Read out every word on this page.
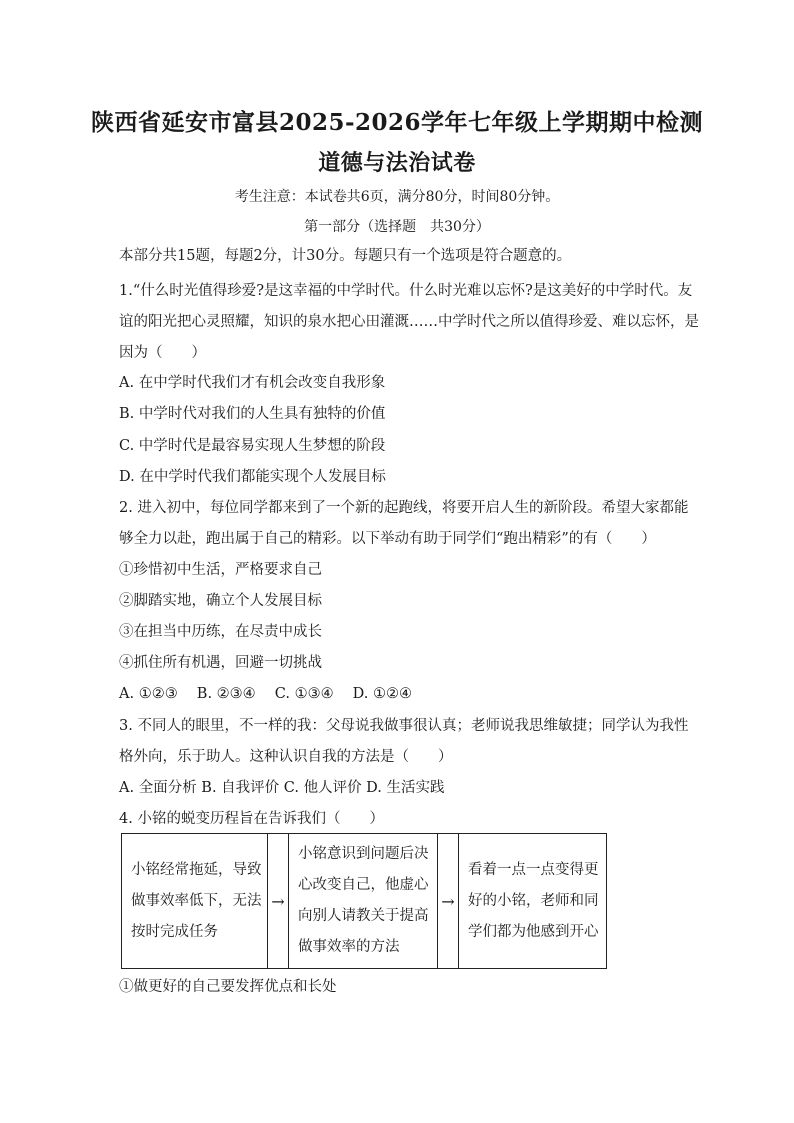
陕西省延安市富县2025-2026学年七年级上学期期中检测
道德与法治试卷
考生注意：本试卷共6页，满分80分，时间80分钟。
第一部分（选择题　共30分）
本部分共15题，每题2分，计30分。每题只有一个选项是符合题意的。
1.“什么时光值得珍爱?是这幸福的中学时代。什么时光难以忘怀?是这美好的中学时代。友
谊的阳光把心灵照耀，知识的泉水把心田灌溉……中学时代之所以值得珍爱、难以忘怀，是
因为（　　）
A. 在中学时代我们才有机会改变自我形象
B. 中学时代对我们的人生具有独特的价值
C. 中学时代是最容易实现人生梦想的阶段
D. 在中学时代我们都能实现个人发展目标
2. 进入初中，每位同学都来到了一个新的起跑线，将要开启人生的新阶段。希望大家都能
够全力以赴，跑出属于自己的精彩。以下举动有助于同学们“跑出精彩”的有（　　）
①珍惜初中生活，严格要求自己
②脚踏实地，确立个人发展目标
③在担当中历练，在尽责中成长
④抓住所有机遇，回避一切挑战
A. ①②③　 B. ②③④　 C. ①③④　 D. ①②④
3. 不同人的眼里，不一样的我：父母说我做事很认真；老师说我思维敏捷；同学认为我性
格外向，乐于助人。这种认识自我的方法是（　　）
A. 全面分析 B. 自我评价 C. 他人评价 D. 生活实践
4. 小铭的蜕变历程旨在告诉我们（　　）
小铭经常拖延，导致
做事效率低下，无法
按时完成任务
	→	
小铭意识到问题后决
心改变自己，他虚心
向别人请教关于提高
做事效率的方法
	→	
看着一点一点变得更
好的小铭，老师和同
学们都为他感到开心
①做更好的自己要发挥优点和长处
